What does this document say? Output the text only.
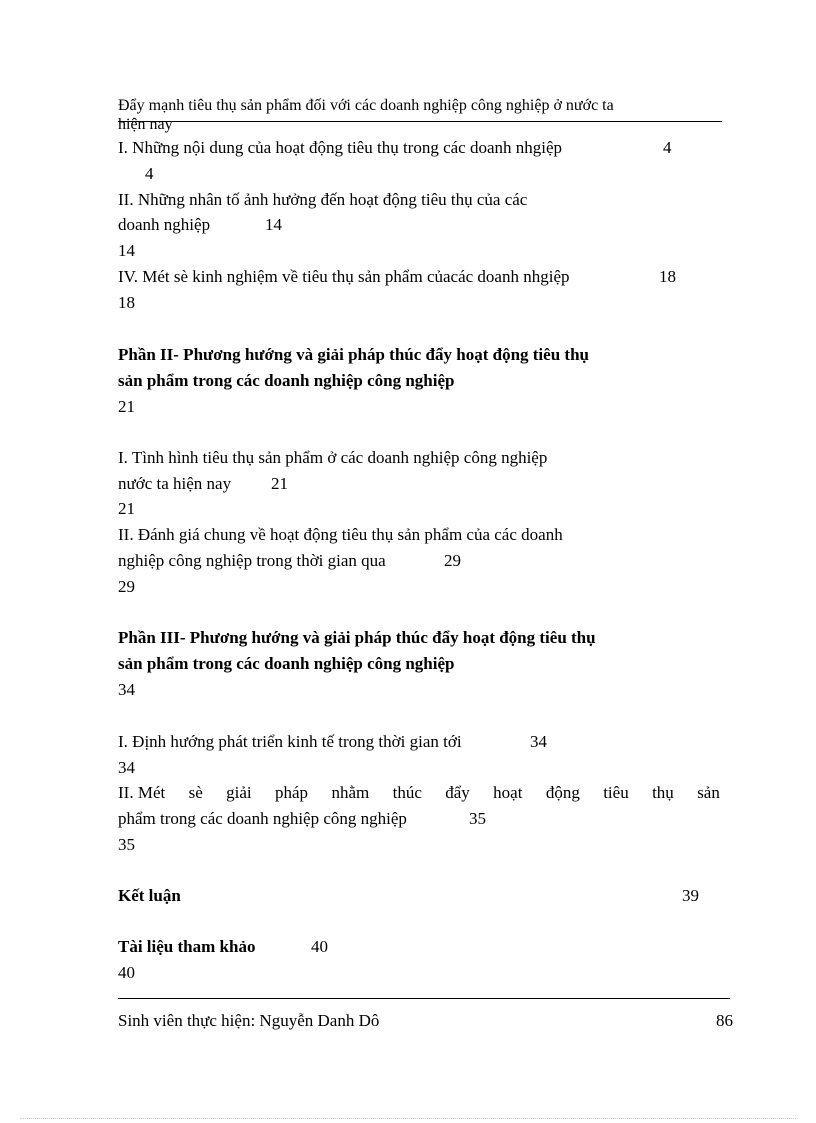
Đẩy mạnh tiêu thụ sản phẩm đối với các doanh nghiệp công nghiệp ở nước ta
hiện nay
I. Những nội dung của hoạt động tiêu thụ trong các doanh nhgiệp	4
4
II. Những nhân tố ảnh hưởng đến hoạt động tiêu thụ của các
doanh nghiệp	14
14
IV. Mét sè kinh nghiệm về tiêu thụ sản phẩm củacác doanh nhgiệp	18
18
Phần II- Phương hướng và giải pháp thúc đẩy hoạt động tiêu thụ
sản phẩm trong các doanh nghiệp công nghiệp
21
I. Tình hình tiêu thụ sản phẩm ở các doanh nghiệp công nghiệp
nước ta hiện nay 21
21
II. Đánh giá chung về hoạt động tiêu thụ sản phẩm của các doanh
nghiệp công nghiệp trong thời gian qua	29
29
Phần III- Phương hướng và giải pháp thúc đẩy hoạt động tiêu thụ
sản phẩm trong các doanh nghiệp công nghiệp
34
I. Định hướng phát triển kinh tế trong thời gian tới	34
34
II. Mét sè giải pháp nhằm thúc đẩy hoạt động tiêu thụ sản
phẩm trong các doanh nghiệp công nghiệp	35
35
Kết luận	39
Tài liệu tham khảo	40
40
Sinh viên thực hiện: Nguyễn Danh Dô	86
